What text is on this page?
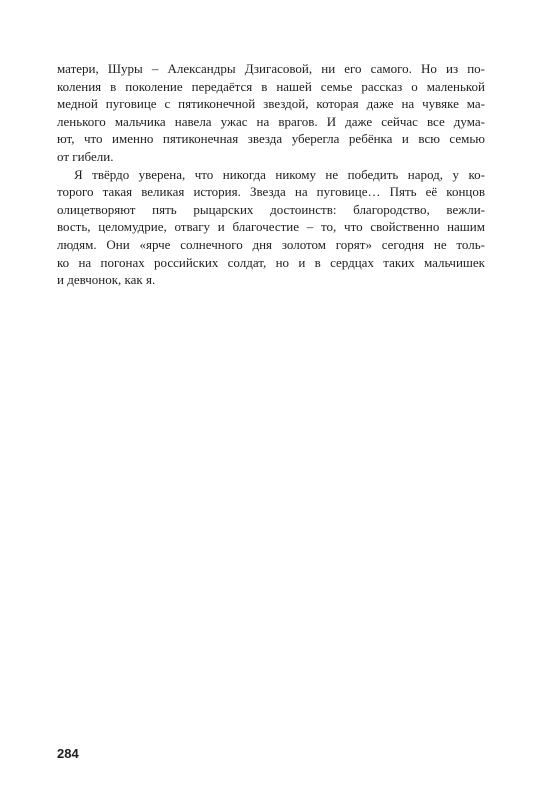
матери, Шуры – Александры Дзигасовой, ни его самого. Но из по-
коления в поколение передаётся в нашей семье рассказ о маленькой
медной пуговице с пятиконечной звездой, которая даже на чувяке ма-
ленького мальчика навела ужас на врагов. И даже сейчас все дума-
ют, что именно пятиконечная звезда уберегла ребёнка и всю семью
от гибели.
Я твёрдо уверена, что никогда никому не победить народ, у ко-
торого такая великая история. Звезда на пуговице… Пять её концов
олицетворяют пять рыцарских достоинств: благородство, вежли-
вость, целомудрие, отвагу и благочестие – то, что свойственно нашим
людям. Они «ярче солнечного дня золотом горят» сегодня не толь-
ко на погонах российских солдат, но и в сердцах таких мальчишек
и девчонок, как я.
284
